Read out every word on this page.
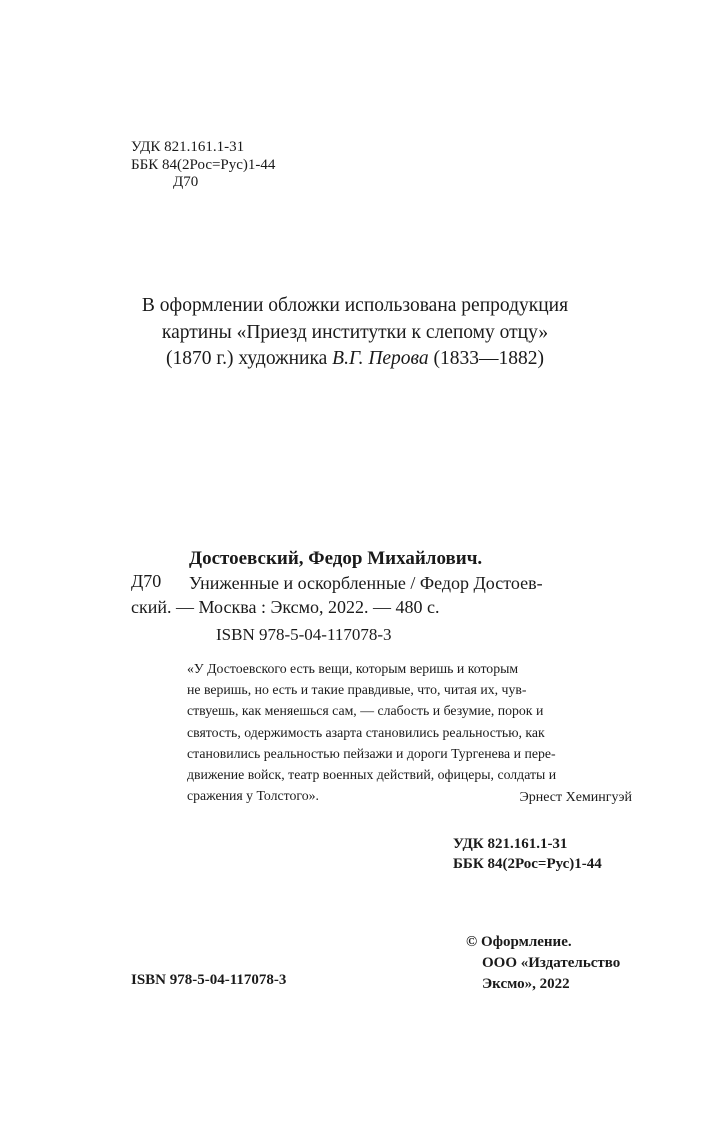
УДК 821.161.1-31
ББК 84(2Рос=Рус)1-44
Д70
В оформлении обложки использована репродукция
картины «Приезд институтки к слепому отцу»
(1870 г.) художника В.Г. Перова (1833—1882)
Достоевский, Федор Михайлович.
Д70 Униженные и оскорбленные / Федор Достоев-
ский. — Москва : Эксмо, 2022. — 480 с.
ISBN 978-5-04-117078-3
«У Достоевского есть вещи, которым веришь и которым
не веришь, но есть и такие правдивые, что, читая их, чув-
ствуешь, как меняешься сам, — слабость и безумие, порок и
святость, одержимость азарта становились реальностью, как
становились реальностью пейзажи и дороги Тургенева и пере-
движение войск, театр военных действий, офицеры, солдаты и
сражения у Толстого».	Эрнест Хемингуэй
УДК 821.161.1-31
ББК 84(2Рос=Рус)1-44
© Оформление.
ООО «Издательство
Эксмо», 2022
ISBN 978-5-04-117078-3
